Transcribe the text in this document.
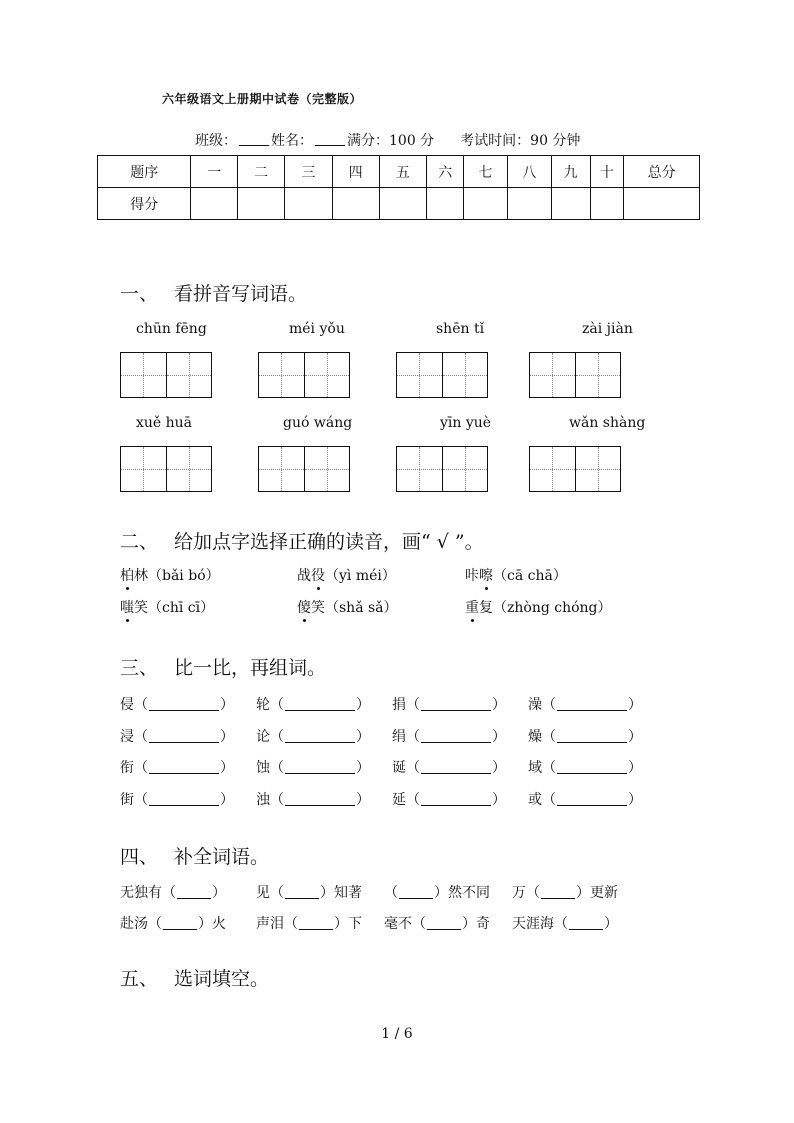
六年级语文上册期中试卷（完整版）
班级： 姓名： 满分：100 分 考试时间：90 分钟
题序	一	二	三	四	五	六	七	八	九	十	总分
得分											
一、 看拼音写词语。
chūn fēng	méi yǒu	shēn tǐ	zài jiàn
xuě huā	guó wáng	yīn yuè	wǎn shàng
二、 给加点字选择正确的读音，画“ √ ”。
柏林（bǎi bó）	战役（yì méi）	咔嚓（cā chā）
嗤笑（chī cī）	傻笑（shǎ sǎ）	重复（zhòng chóng）
三、 比一比，再组词。
侵（	） 轮（	） 捐（	） 澡（	）
浸（	） 论（	） 绢（	） 燥（	）
衔（	） 蚀（	） 诞（	） 域（	）
街（	） 浊（	） 延（	） 或（	）
四、 补全词语。
无独有（	） 见（	）知著 （	）然不同 万（	）更新
赴汤（	）火 声泪（	）下 毫不（	）奇 天涯海（	）
五、 选词填空。
1 / 6
